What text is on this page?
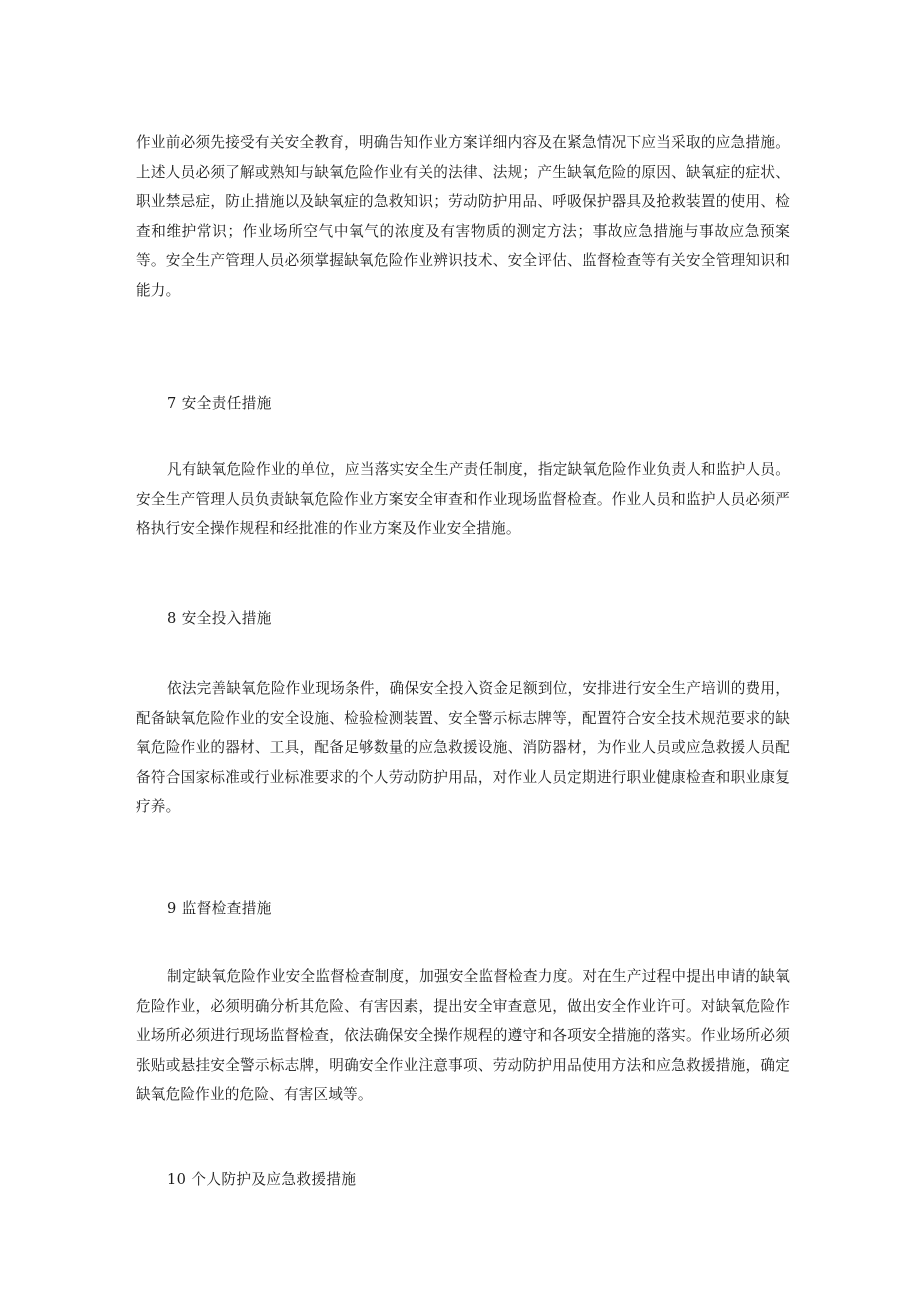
作业前必须先接受有关安全教育，明确告知作业方案详细内容及在紧急情况下应当采取的应急措施。上述人员必须了解或熟知与缺氧危险作业有关的法律、法规；产生缺氧危险的原因、缺氧症的症状、职业禁忌症，防止措施以及缺氧症的急救知识；劳动防护用品、呼吸保护器具及抢救装置的使用、检查和维护常识；作业场所空气中氧气的浓度及有害物质的测定方法；事故应急措施与事故应急预案等。安全生产管理人员必须掌握缺氧危险作业辨识技术、安全评估、监督检查等有关安全管理知识和能力。

7 安全责任措施

凡有缺氧危险作业的单位，应当落实安全生产责任制度，指定缺氧危险作业负责人和监护人员。安全生产管理人员负责缺氧危险作业方案安全审查和作业现场监督检查。作业人员和监护人员必须严格执行安全操作规程和经批准的作业方案及作业安全措施。

8 安全投入措施

依法完善缺氧危险作业现场条件，确保安全投入资金足额到位，安排进行安全生产培训的费用，配备缺氧危险作业的安全设施、检验检测装置、安全警示标志牌等，配置符合安全技术规范要求的缺氧危险作业的器材、工具，配备足够数量的应急救援设施、消防器材，为作业人员或应急救援人员配备符合国家标准或行业标准要求的个人劳动防护用品，对作业人员定期进行职业健康检查和职业康复疗养。

9 监督检查措施

制定缺氧危险作业安全监督检查制度，加强安全监督检查力度。对在生产过程中提出申请的缺氧危险作业，必须明确分析其危险、有害因素，提出安全审查意见，做出安全作业许可。对缺氧危险作业场所必须进行现场监督检查，依法确保安全操作规程的遵守和各项安全措施的落实。作业场所必须张贴或悬挂安全警示标志牌，明确安全作业注意事项、劳动防护用品使用方法和应急救援措施，确定缺氧危险作业的危险、有害区域等。

10 个人防护及应急救援措施
